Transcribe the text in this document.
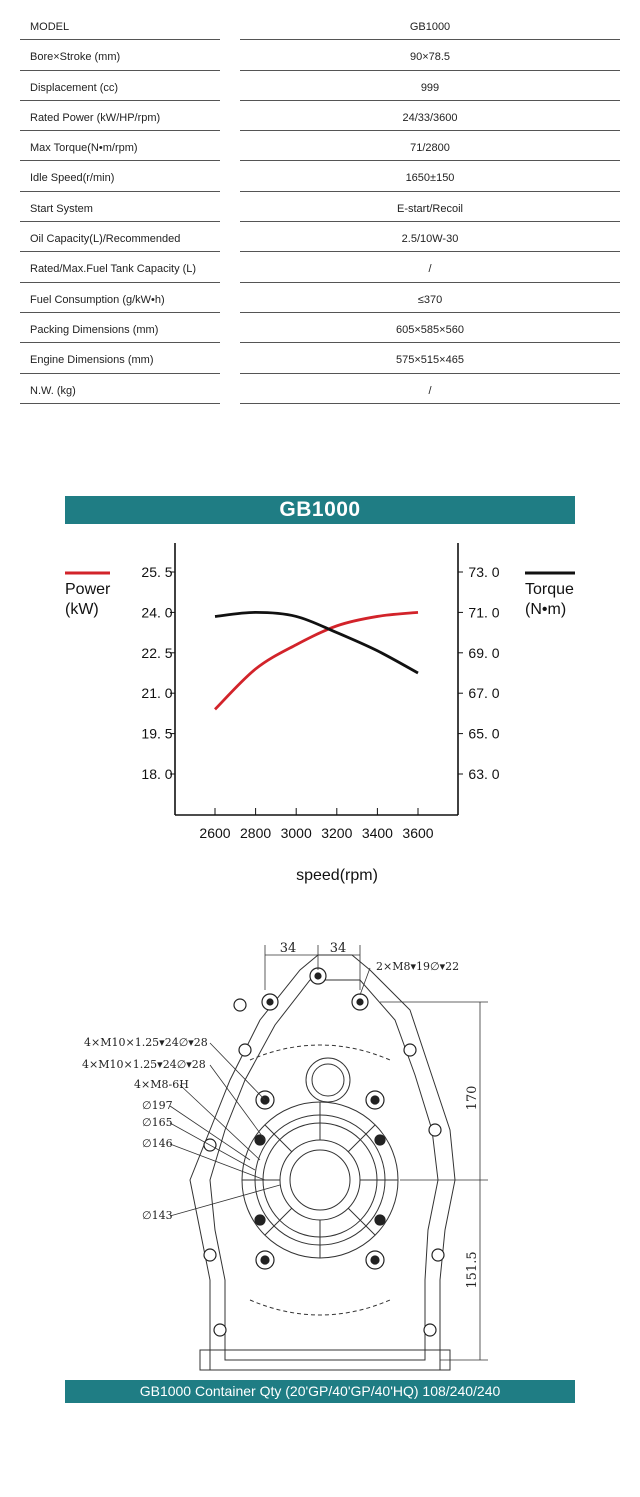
MODEL	GB1000
Bore×Stroke (mm)	90×78.5
Displacement (cc)	999
Rated Power (kW/HP/rpm)	24/33/3600
Max Torque(N•m/rpm)	71/2800
Idle Speed(r/min)	1650±150
Start System	E-start/Recoil
Oil Capacity(L)/Recommended	2.5/10W-30
Rated/Max.Fuel Tank Capacity (L)	/
Fuel Consumption (g/kW•h)	≤370
Packing Dimensions (mm)	605×585×560
Engine Dimensions (mm)	575×515×465
N.W. (kg)	/
GB1000
Power
(kW)
Torque
(N•m)
25. 5
24. 0
22. 5
21. 0
19. 5
18. 0
73. 0
71. 0
69. 0
67. 0
65. 0
63. 0
2600 2800 3000 3200 3400 3600
speed(rpm)
34	34
170
151.5
2×M8▾19∅▾22
4×M10×1.25▾24∅▾28
4×M10×1.25▾24∅▾28
4×M8-6H
∅197
∅165
∅146
∅143
GB1000 Container Qty (20'GP/40'GP/40'HQ) 108/240/240
